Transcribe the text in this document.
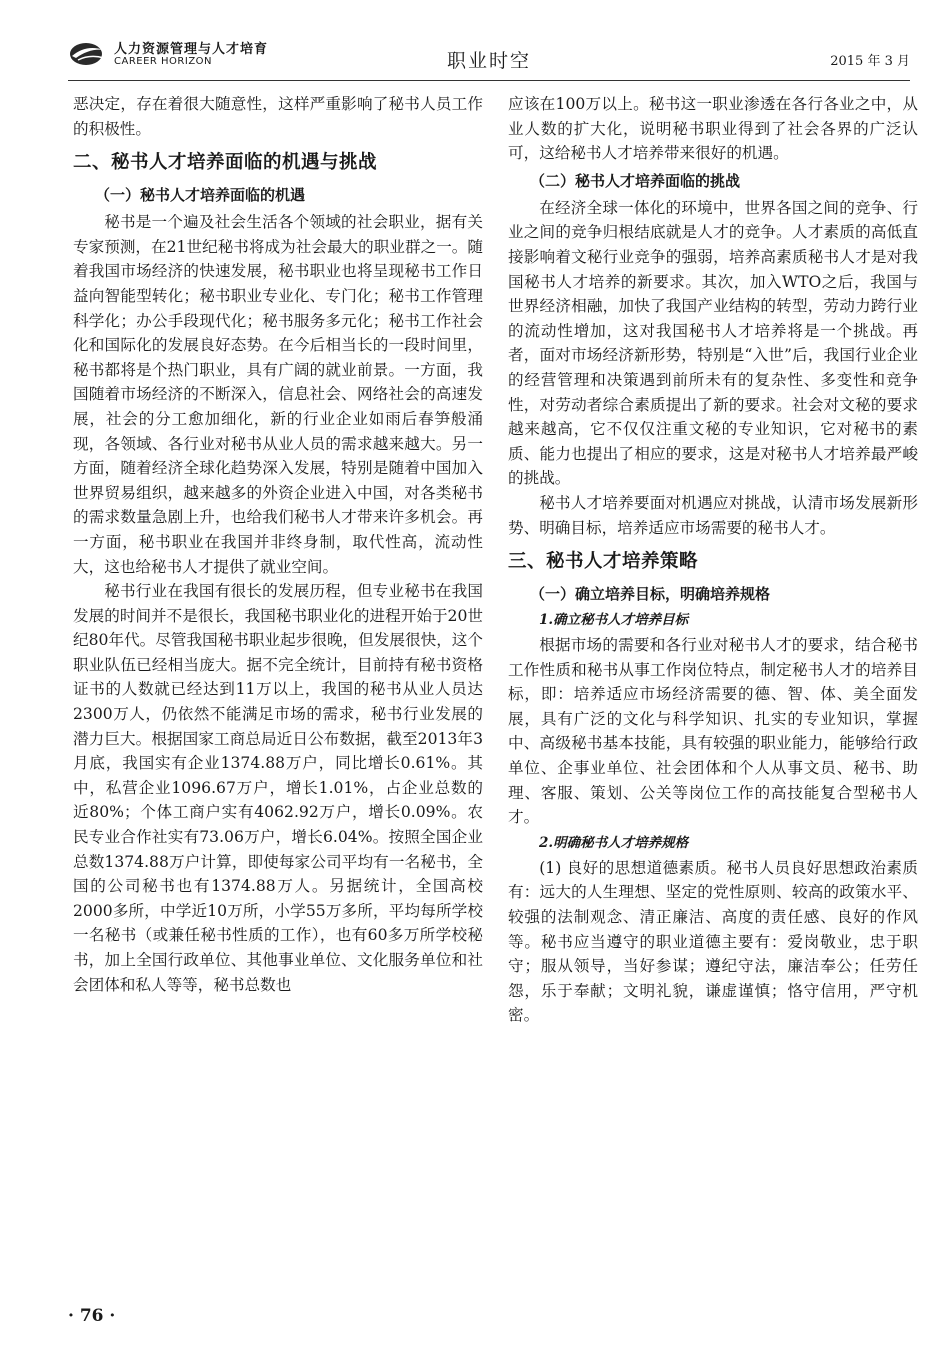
人力资源管理与人才培育
CAREER HORIZON	职业时空	2015 年 3 月

恶决定，存在着很大随意性，这样严重影响了秘书人员工作的积极性。

二、秘书人才培养面临的机遇与挑战
（一）秘书人才培养面临的机遇

秘书是一个遍及社会生活各个领域的社会职业，据有关专家预测，在21世纪秘书将成为社会最大的职业群之一。随着我国市场经济的快速发展，秘书职业也将呈现秘书工作日益向智能型转化；秘书职业专业化、专门化；秘书工作管理科学化；办公手段现代化；秘书服务多元化；秘书工作社会化和国际化的发展良好态势。在今后相当长的一段时间里，秘书都将是个热门职业，具有广阔的就业前景。一方面，我国随着市场经济的不断深入，信息社会、网络社会的高速发展，社会的分工愈加细化，新的行业企业如雨后春笋般涌现，各领域、各行业对秘书从业人员的需求越来越大。另一方面，随着经济全球化趋势深入发展，特别是随着中国加入世界贸易组织，越来越多的外资企业进入中国，对各类秘书的需求数量急剧上升，也给我们秘书人才带来许多机会。再一方面，秘书职业在我国并非终身制，取代性高，流动性大，这也给秘书人才提供了就业空间。

秘书行业在我国有很长的发展历程，但专业秘书在我国发展的时间并不是很长，我国秘书职业化的进程开始于20世纪80年代。尽管我国秘书职业起步很晚，但发展很快，这个职业队伍已经相当庞大。据不完全统计，目前持有秘书资格证书的人数就已经达到11万以上，我国的秘书从业人员达2300万人，仍依然不能满足市场的需求，秘书行业发展的潜力巨大。根据国家工商总局近日公布数据，截至2013年3月底，我国实有企业1374.88万户，同比增长0.61%。其中，私营企业1096.67万户，增长1.01%，占企业总数的近80%；个体工商户实有4062.92万户，增长0.09%。农民专业合作社实有73.06万户，增长6.04%。按照全国企业总数1374.88万户计算，即使每家公司平均有一名秘书，全国的公司秘书也有1374.88万人。另据统计，全国高校2000多所，中学近10万所，小学55万多所，平均每所学校一名秘书（或兼任秘书性质的工作），也有60多万所学校秘书，加上全国行政单位、其他事业单位、文化服务单位和社会团体和私人等等，秘书总数也

应该在100万以上。秘书这一职业渗透在各行各业之中，从业人数的扩大化，说明秘书职业得到了社会各界的广泛认可，这给秘书人才培养带来很好的机遇。

（二）秘书人才培养面临的挑战

在经济全球一体化的环境中，世界各国之间的竞争、行业之间的竞争归根结底就是人才的竞争。人才素质的高低直接影响着文秘行业竞争的强弱，培养高素质秘书人才是对我国秘书人才培养的新要求。其次，加入WTO之后，我国与世界经济相融，加快了我国产业结构的转型，劳动力跨行业的流动性增加，这对我国秘书人才培养将是一个挑战。再者，面对市场经济新形势，特别是“入世”后，我国行业企业的经营管理和决策遇到前所未有的复杂性、多变性和竞争性，对劳动者综合素质提出了新的要求。社会对文秘的要求越来越高，它不仅仅注重文秘的专业知识，它对秘书的素质、能力也提出了相应的要求，这是对秘书人才培养最严峻的挑战。

秘书人才培养要面对机遇应对挑战，认清市场发展新形势、明确目标，培养适应市场需要的秘书人才。

三、秘书人才培养策略
（一）确立培养目标，明确培养规格
1.确立秘书人才培养目标

根据市场的需要和各行业对秘书人才的要求，结合秘书工作性质和秘书从事工作岗位特点，制定秘书人才的培养目标，即：培养适应市场经济需要的德、智、体、美全面发展，具有广泛的文化与科学知识、扎实的专业知识，掌握中、高级秘书基本技能，具有较强的职业能力，能够给行政单位、企事业单位、社会团体和个人从事文员、秘书、助理、客服、策划、公关等岗位工作的高技能复合型秘书人才。

2.明确秘书人才培养规格

(1) 良好的思想道德素质。秘书人员良好思想政治素质有：远大的人生理想、坚定的党性原则、较高的政策水平、较强的法制观念、清正廉洁、高度的责任感、良好的作风等。秘书应当遵守的职业道德主要有：爱岗敬业，忠于职守；服从领导，当好参谋；遵纪守法，廉洁奉公；任劳任怨，乐于奉献；文明礼貌，谦虚谨慎；恪守信用，严守机密。

· 76 ·
